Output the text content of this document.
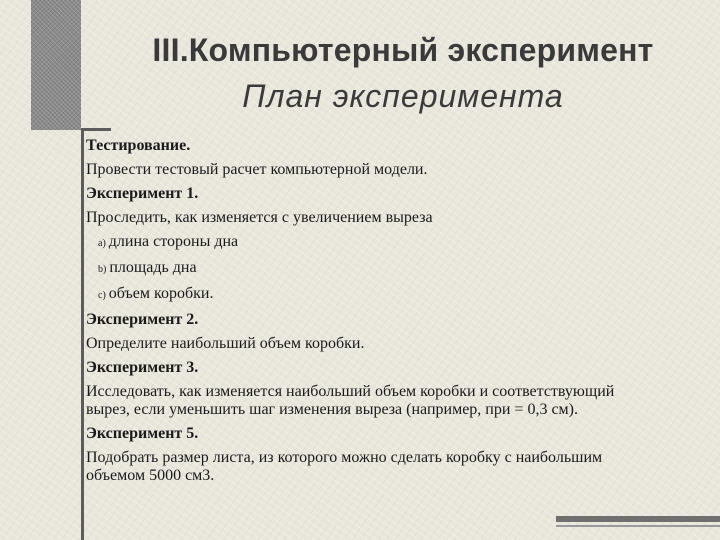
III.Компьютерный эксперимент
План эксперимента

Тестирование.

Провести тестовый расчет компьютерной модели.

Эксперимент 1.

Проследить, как изменяется с увеличением выреза

a) длина стороны дна
b) площадь дна
c) объем коробки.

Эксперимент 2.

Определите наибольший объем коробки.

Эксперимент 3.

Исследовать, как изменяется наибольший объем коробки и соответствующий вырез, если уменьшить шаг изменения выреза (например, при = 0,3 см).

Эксперимент 5.

Подобрать размер листа, из которого можно сделать коробку с наибольшим объемом 5000 см3.
